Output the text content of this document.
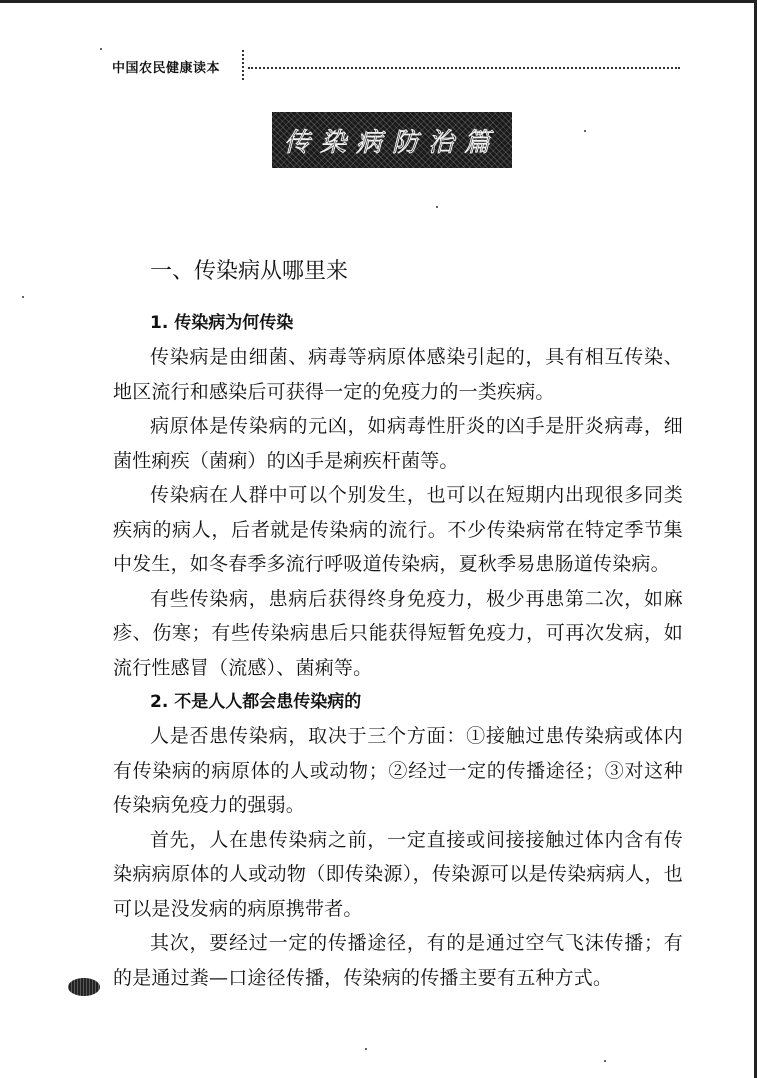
中国农民健康读本
传染病防治篇
一、传染病从哪里来
1. 传染病为何传染

传染病是由细菌、病毒等病原体感染引起的，具有相互传染、地区流行和感染后可获得一定的免疫力的一类疾病。

病原体是传染病的元凶，如病毒性肝炎的凶手是肝炎病毒，细菌性痢疾（菌痢）的凶手是痢疾杆菌等。

传染病在人群中可以个别发生，也可以在短期内出现很多同类疾病的病人，后者就是传染病的流行。不少传染病常在特定季节集中发生，如冬春季多流行呼吸道传染病，夏秋季易患肠道传染病。

有些传染病，患病后获得终身免疫力，极少再患第二次，如麻疹、伤寒；有些传染病患后只能获得短暂免疫力，可再次发病，如流行性感冒（流感）、菌痢等。

2. 不是人人都会患传染病的

人是否患传染病，取决于三个方面：①接触过患传染病或体内有传染病的病原体的人或动物；②经过一定的传播途径；③对这种传染病免疫力的强弱。

首先，人在患传染病之前，一定直接或间接接触过体内含有传染病病原体的人或动物（即传染源），传染源可以是传染病病人，也可以是没发病的病原携带者。

其次，要经过一定的传播途径，有的是通过空气飞沫传播；有的是通过粪—口途径传播，传染病的传播主要有五种方式。
